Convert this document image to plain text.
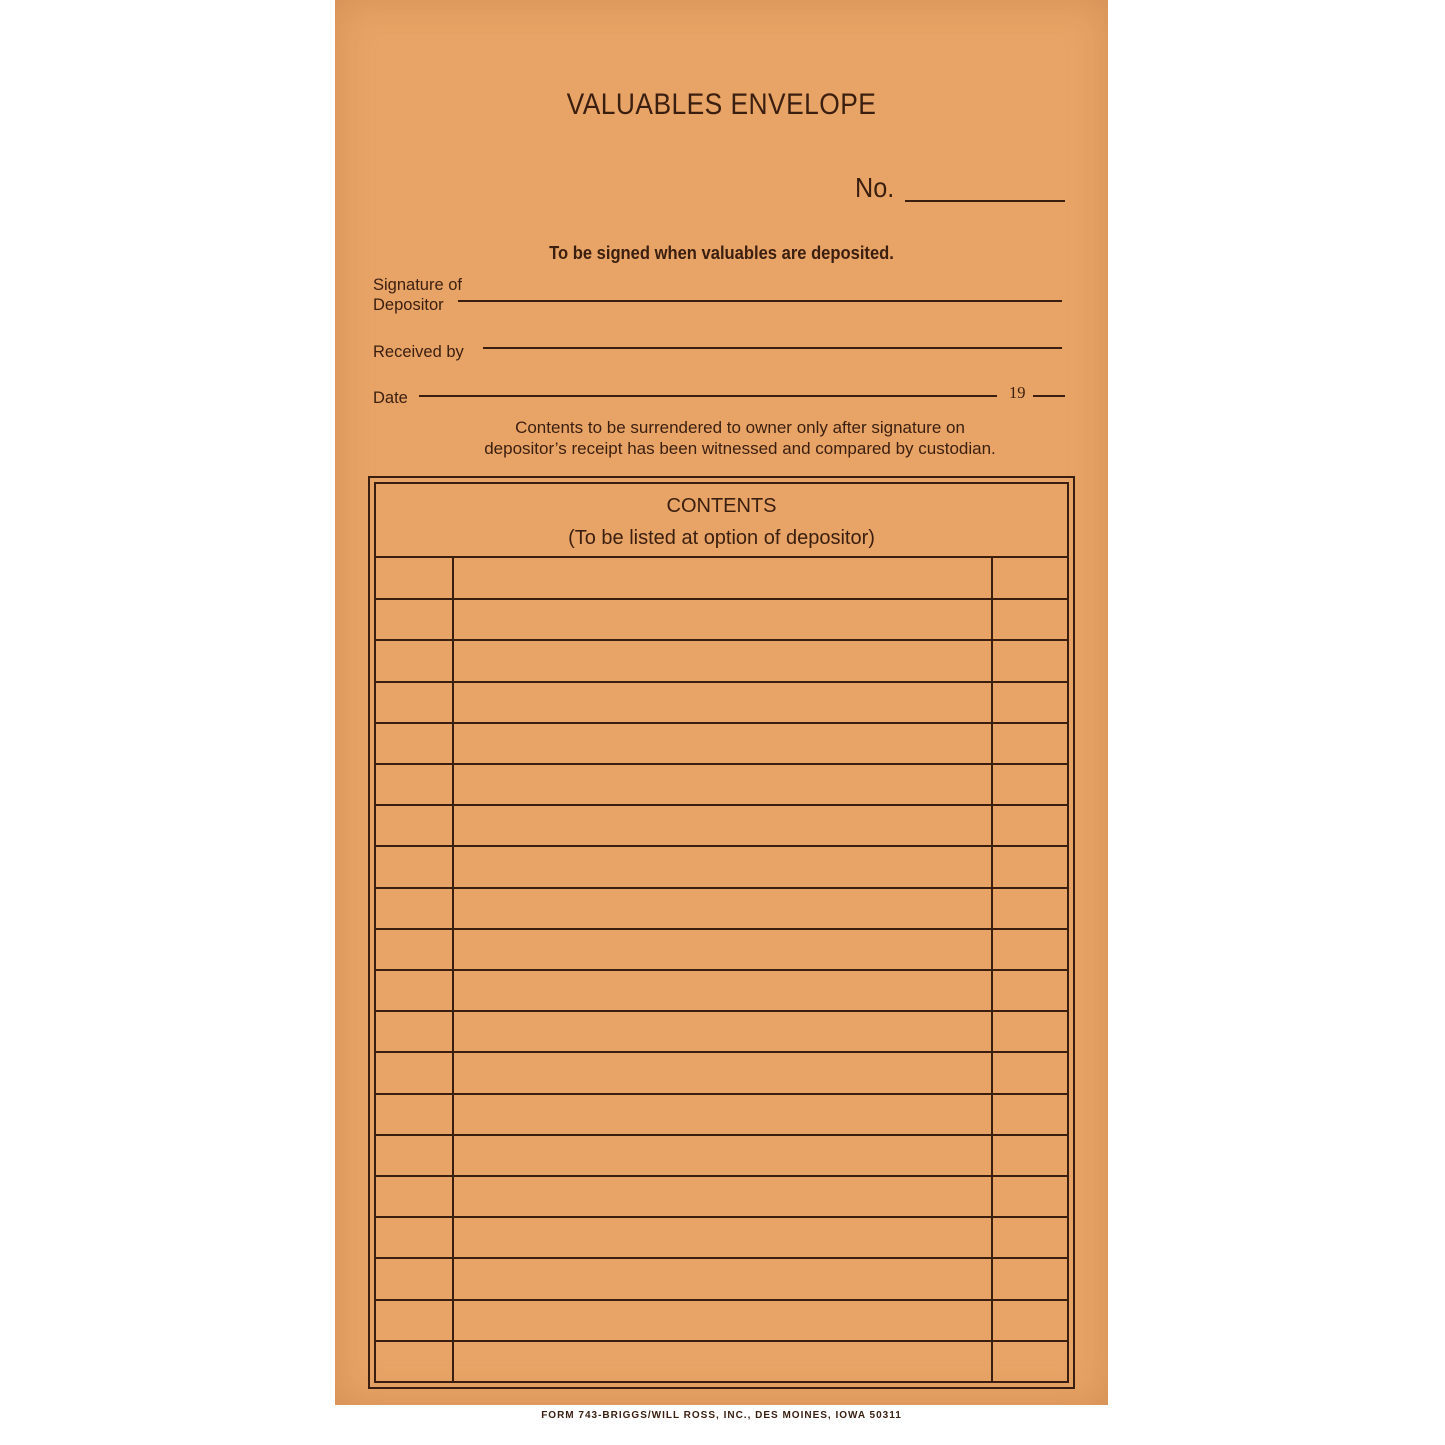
VALUABLES ENVELOPE
No.
To be signed when valuables are deposited.
Signature of
Depositor
Received by
Date	19
Contents to be surrendered to owner only after signature on
depositor’s receipt has been witnessed and compared by custodian.
CONTENTS
(To be listed at option of depositor)
FORM 743-BRIGGS/WILL ROSS, INC., DES MOINES, IOWA 50311
